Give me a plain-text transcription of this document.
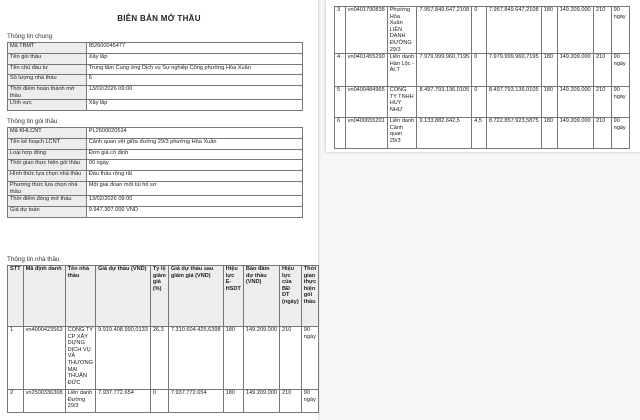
BIÊN BẢN MỞ THẦU
Thông tin chung
Mã TBMT	IB2600045477
Tên gói thầu	Xây lắp
Tên chủ đầu tư	Trung tâm Cung ứng Dịch vụ Sự nghiệp Công phường Hòa Xuân
Số lượng nhà thầu	6
Thời điểm hoàn thành mở thầu	13/02/2026 09:00
Lĩnh vực	Xây lắp
Thông tin gói thầu
Mã KHLCNT	PL2600020534
Tên kế hoạch LCNT	Cảnh quan vệt giữa đường 29/3 phường Hòa Xuân
Loại hợp đồng	Đơn giá cố định
Thời gian thực hiện gói thầu	90 ngày
Hình thức lựa chọn nhà thầu	Đấu thầu rộng rãi
Phương thức lựa chọn nhà thầu	Một giai đoạn một túi hồ sơ
Thời điểm đóng mở thầu	13/02/2026 09:00
Giá dự toán	9.947.307.000 VND
Thông tin nhà thầu
STT	Mã định danh	Tên nhà thầu	Giá dự thầu (VND)	Tỷ lệ giảm giá (%)	Giá dự thầu sau giảm giá (VND)	Hiệu lực E-HSDT	Bảo đảm dự thầu (VND)	Hiệu lực của BĐ DT (ngày)	Thời gian thực hiện gói thầu
1	vn4000423563	CÔNG TY CP XÂY DỰNG DỊCH VỤ VÀ THƯƠNG MẠI THUẬN ĐỨC	9.919.408.990,0133	26,3	7.310.604.425,6398	180	149.209.000	210	90 ngày
2	vn2500336308	Liên danh Đường 29/3	7.937.772.654	0	7.937.772.654	180	149.209.000	210	90 ngày
3	vn0401790838	Phường Hòa Xuân LIÊN DANH ĐƯỜNG 29/3	7.957.849.647,2108	0	7.957.849.647,2108	180	149.209.000	210	90 ngày
4	vn0401455290	Liên danh Hàn Lộc - At.T	7.979.999.960,7195	0	7.979.999.960,7195	180	149.209.000	210	90 ngày
5	vn0400484965	CÔNG TY TNHH HUY NHƯ	8.497.793.136,0105	0	8.497.793.136,0105	180	149.209.000	210	90 ngày
6	vn0400655201	Liên danh Cảnh quan 29/3	9.133.882.642,5	4,5	8.722.857.923,5875	180	149.209.000	210	90 ngày
